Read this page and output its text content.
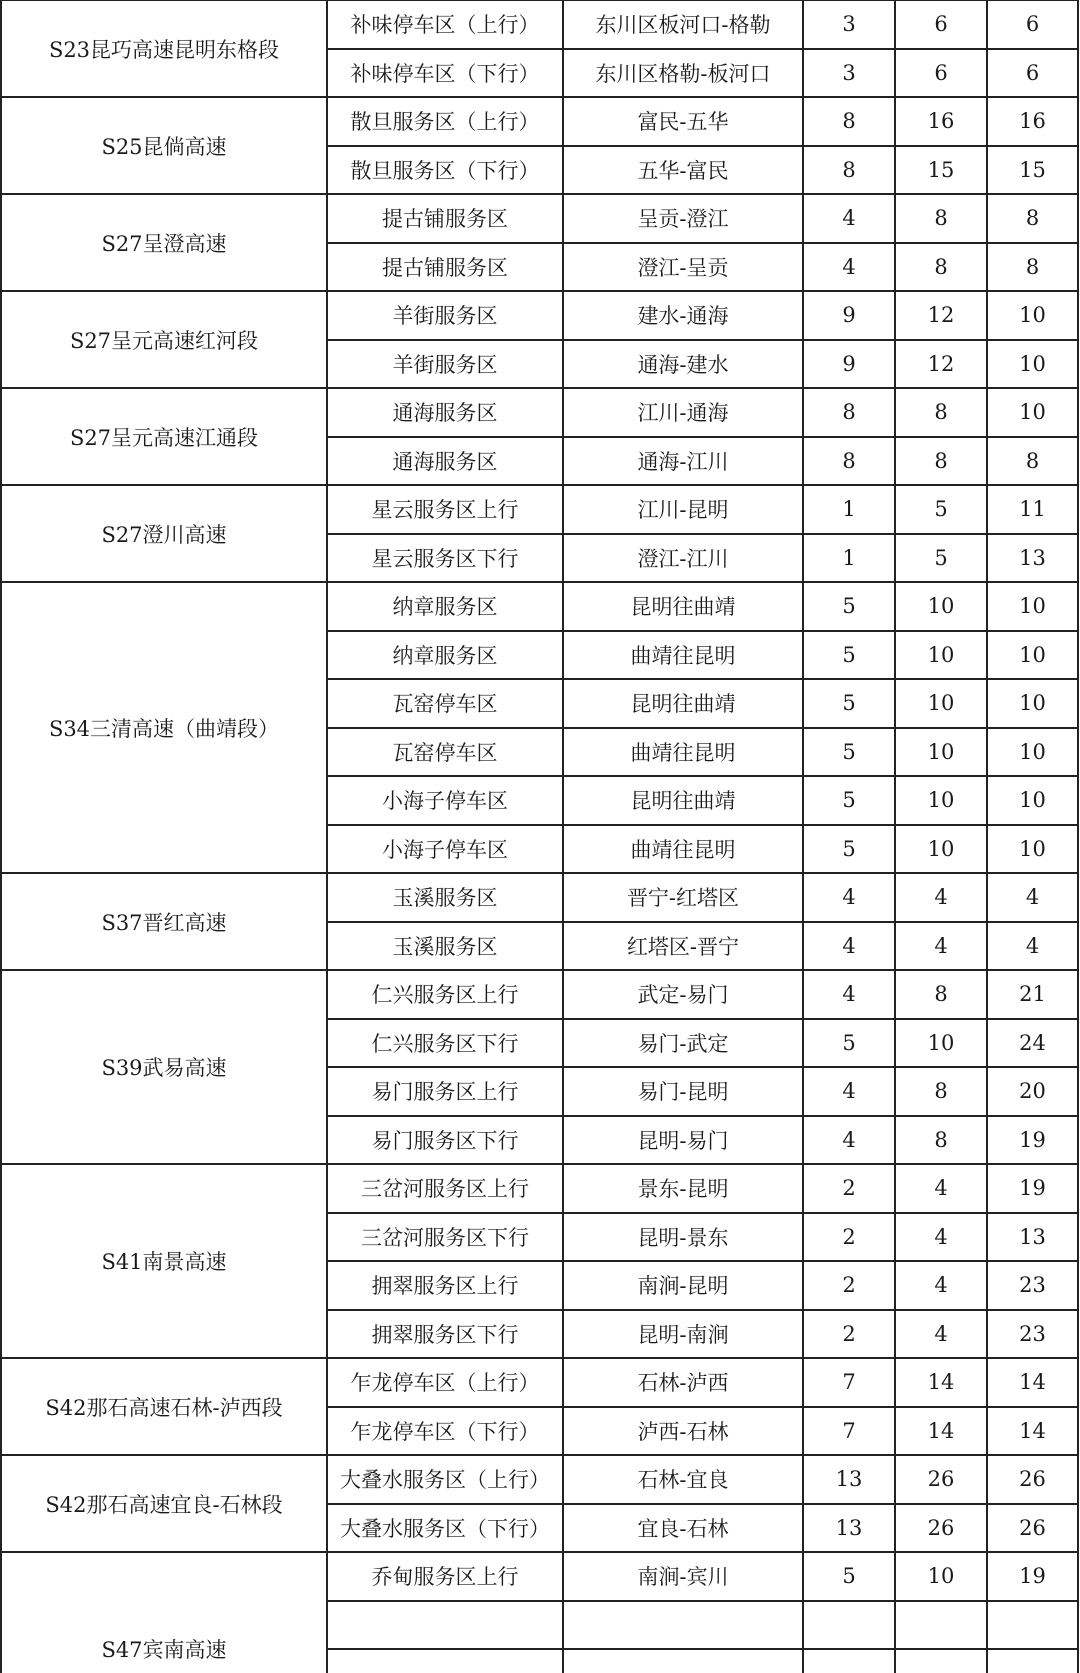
S23昆巧高速昆明东格段	补味停车区（上行）	东川区板河口-格勒	3	6	6
	补味停车区（下行）	东川区格勒-板河口	3	6	6
S25昆倘高速	散旦服务区（上行）	富民-五华	8	16	16
	散旦服务区（下行）	五华-富民	8	15	15
S27呈澄高速	提古铺服务区	呈贡-澄江	4	8	8
	提古铺服务区	澄江-呈贡	4	8	8
S27呈元高速红河段	羊街服务区	建水-通海	9	12	10
	羊街服务区	通海-建水	9	12	10
S27呈元高速江通段	通海服务区	江川-通海	8	8	10
	通海服务区	通海-江川	8	8	8
S27澄川高速	星云服务区上行	江川-昆明	1	5	11
	星云服务区下行	澄江-江川	1	5	13
S34三清高速（曲靖段）	纳章服务区	昆明往曲靖	5	10	10
	纳章服务区	曲靖往昆明	5	10	10
	瓦窑停车区	昆明往曲靖	5	10	10
	瓦窑停车区	曲靖往昆明	5	10	10
	小海子停车区	昆明往曲靖	5	10	10
	小海子停车区	曲靖往昆明	5	10	10
S37晋红高速	玉溪服务区	晋宁-红塔区	4	4	4
	玉溪服务区	红塔区-晋宁	4	4	4
S39武易高速	仁兴服务区上行	武定-易门	4	8	21
	仁兴服务区下行	易门-武定	5	10	24
	易门服务区上行	易门-昆明	4	8	20
	易门服务区下行	昆明-易门	4	8	19
S41南景高速	三岔河服务区上行	景东-昆明	2	4	19
	三岔河服务区下行	昆明-景东	2	4	13
	拥翠服务区上行	南涧-昆明	2	4	23
	拥翠服务区下行	昆明-南涧	2	4	23
S42那石高速石林-泸西段	乍龙停车区（上行）	石林-泸西	7	14	14
	乍龙停车区（下行）	泸西-石林	7	14	14
S42那石高速宜良-石林段	大叠水服务区（上行）	石林-宜良	13	26	26
	大叠水服务区（下行）	宜良-石林	13	26	26
S47宾南高速	乔甸服务区上行	南涧-宾川	5	10	19
